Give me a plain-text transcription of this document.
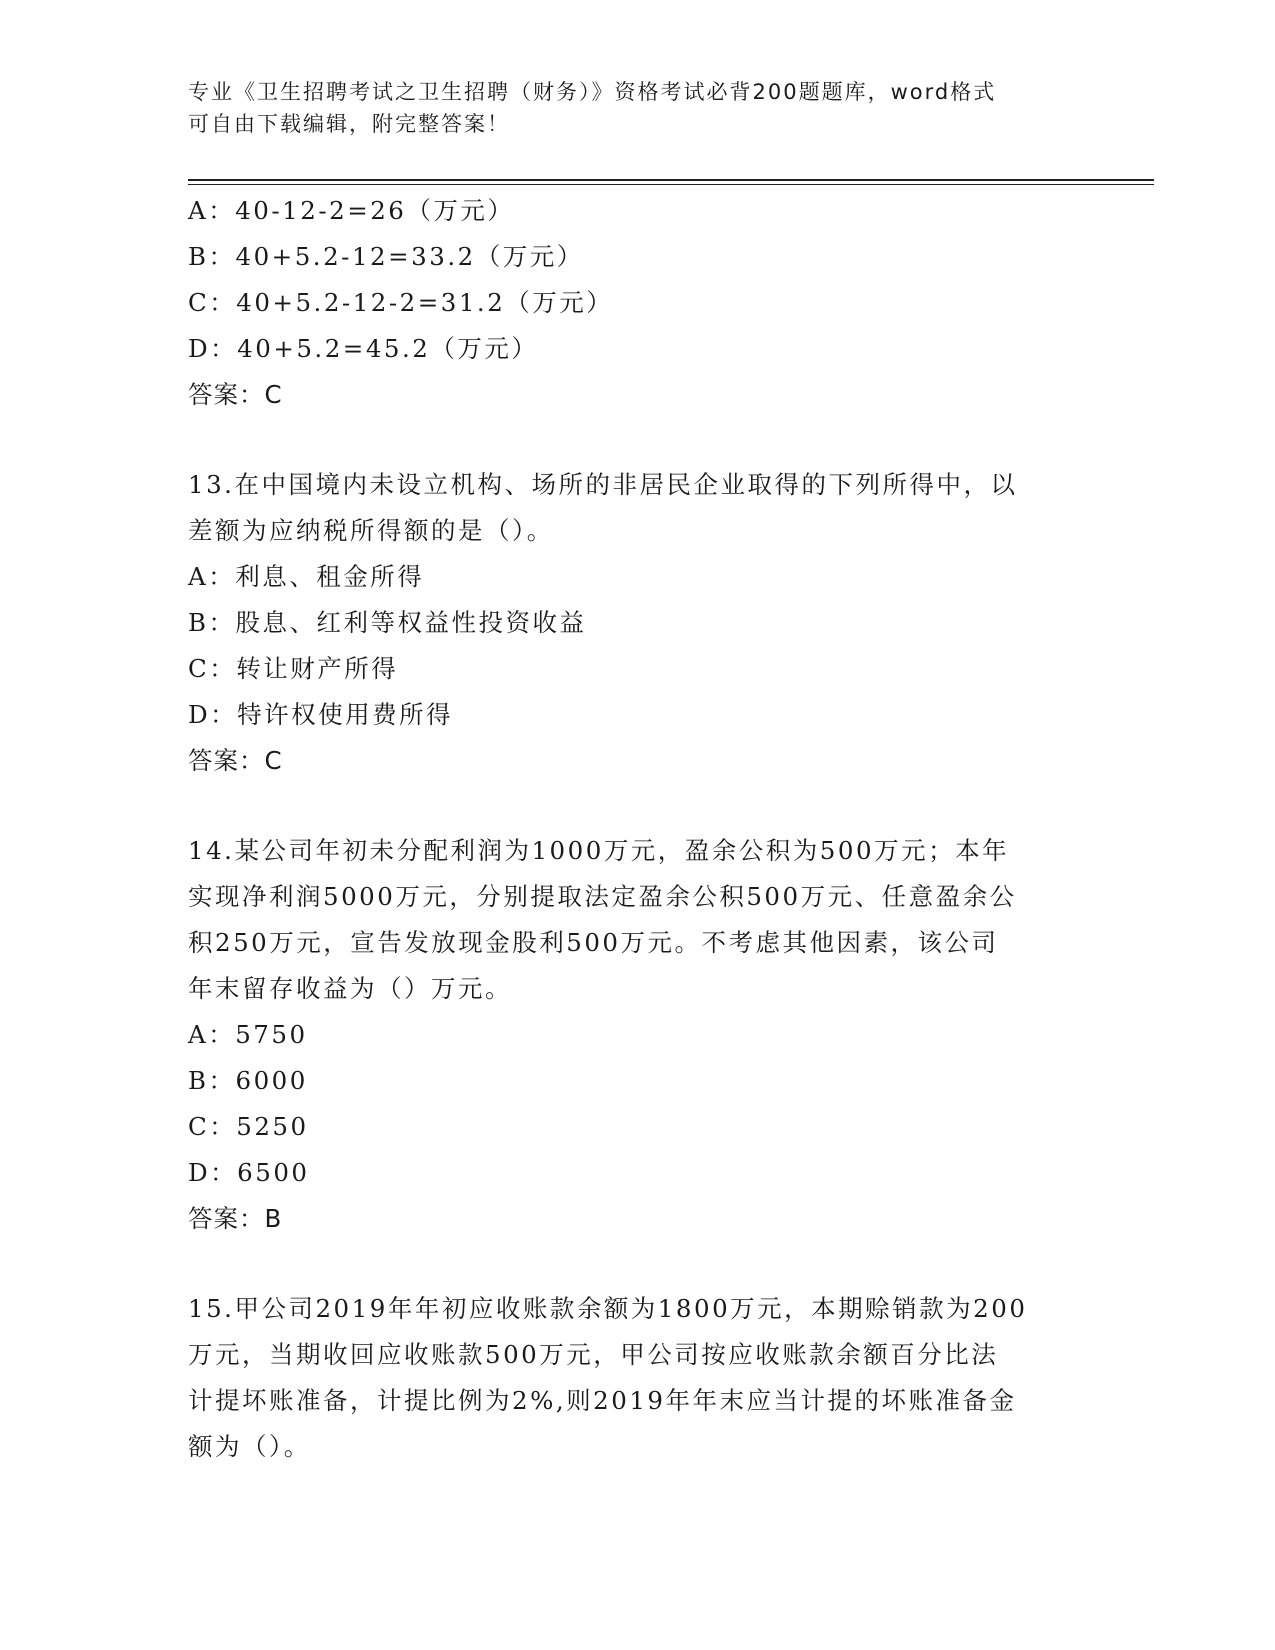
专业《卫生招聘考试之卫生招聘（财务）》资格考试必背200题题库，word格式
可自由下载编辑，附完整答案！
A：40-12-2=26（万元）
B：40+5.2-12=33.2（万元）
C：40+5.2-12-2=31.2（万元）
D：40+5.2=45.2（万元）
答案：C
13.在中国境内未设立机构、场所的非居民企业取得的下列所得中，以
差额为应纳税所得额的是（）。
A：利息、租金所得
B：股息、红利等权益性投资收益
C：转让财产所得
D：特许权使用费所得
答案：C
14.某公司年初未分配利润为1000万元，盈余公积为500万元；本年
实现净利润5000万元，分别提取法定盈余公积500万元、任意盈余公
积250万元，宣告发放现金股利500万元。不考虑其他因素，该公司
年末留存收益为（）万元。
A：5750
B：6000
C：5250
D：6500
答案：B
15.甲公司2019年年初应收账款余额为1800万元，本期赊销款为200
万元，当期收回应收账款500万元，甲公司按应收账款余额百分比法
计提坏账准备，计提比例为2%,则2019年年末应当计提的坏账准备金
额为（）。
